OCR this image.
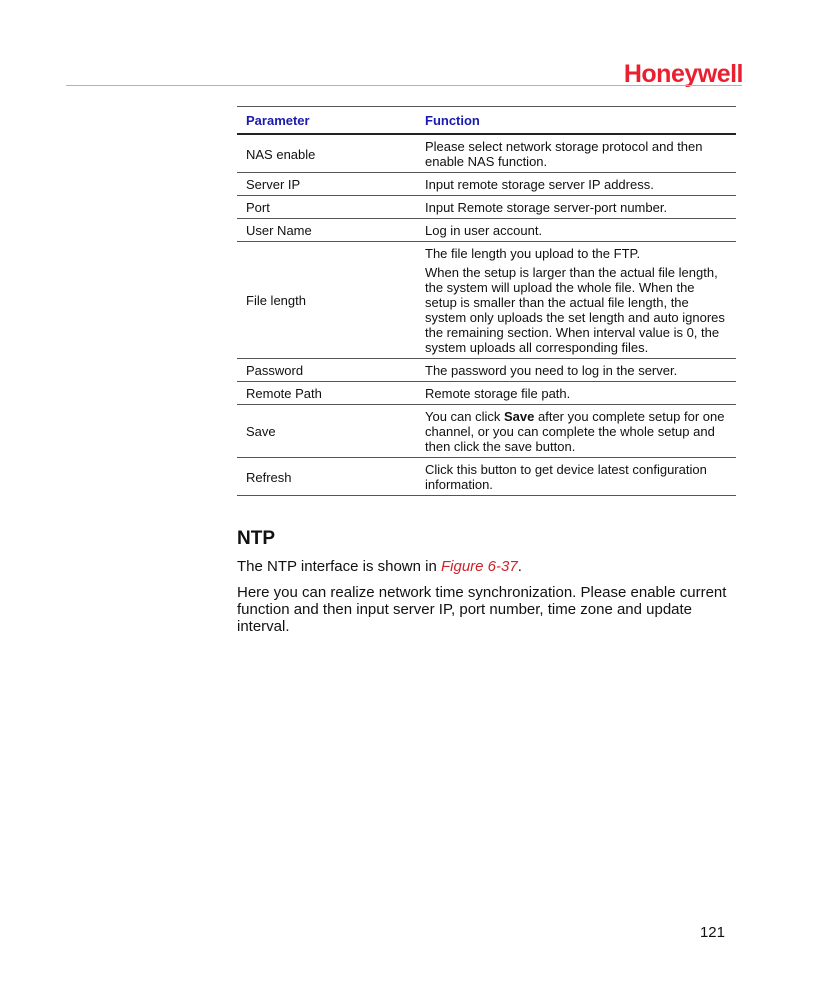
Honeywell
Parameter	Function
NAS enable	Please select network storage protocol and then enable NAS function.

Server IP	Input remote storage server IP address.

Port	Input Remote storage server-port number.

User Name	Log in user account.

File length	The file length you upload to the FTP.

When the setup is larger than the actual file length, the system will upload the whole file. When the setup is smaller than the actual file length, the system only uploads the set length and auto ignores the remaining section. When interval value is 0, the system uploads all corresponding files.

Password	The password you need to log in the server.

Remote Path	Remote storage file path.

Save	You can click Save after you complete setup for one channel, or you can complete the whole setup and then click the save button.

Refresh	Click this button to get device latest configuration information.

NTP

The NTP interface is shown in Figure 6-37.

Here you can realize network time synchronization. Please enable current function and then input server IP, port number, time zone and update interval.

121
